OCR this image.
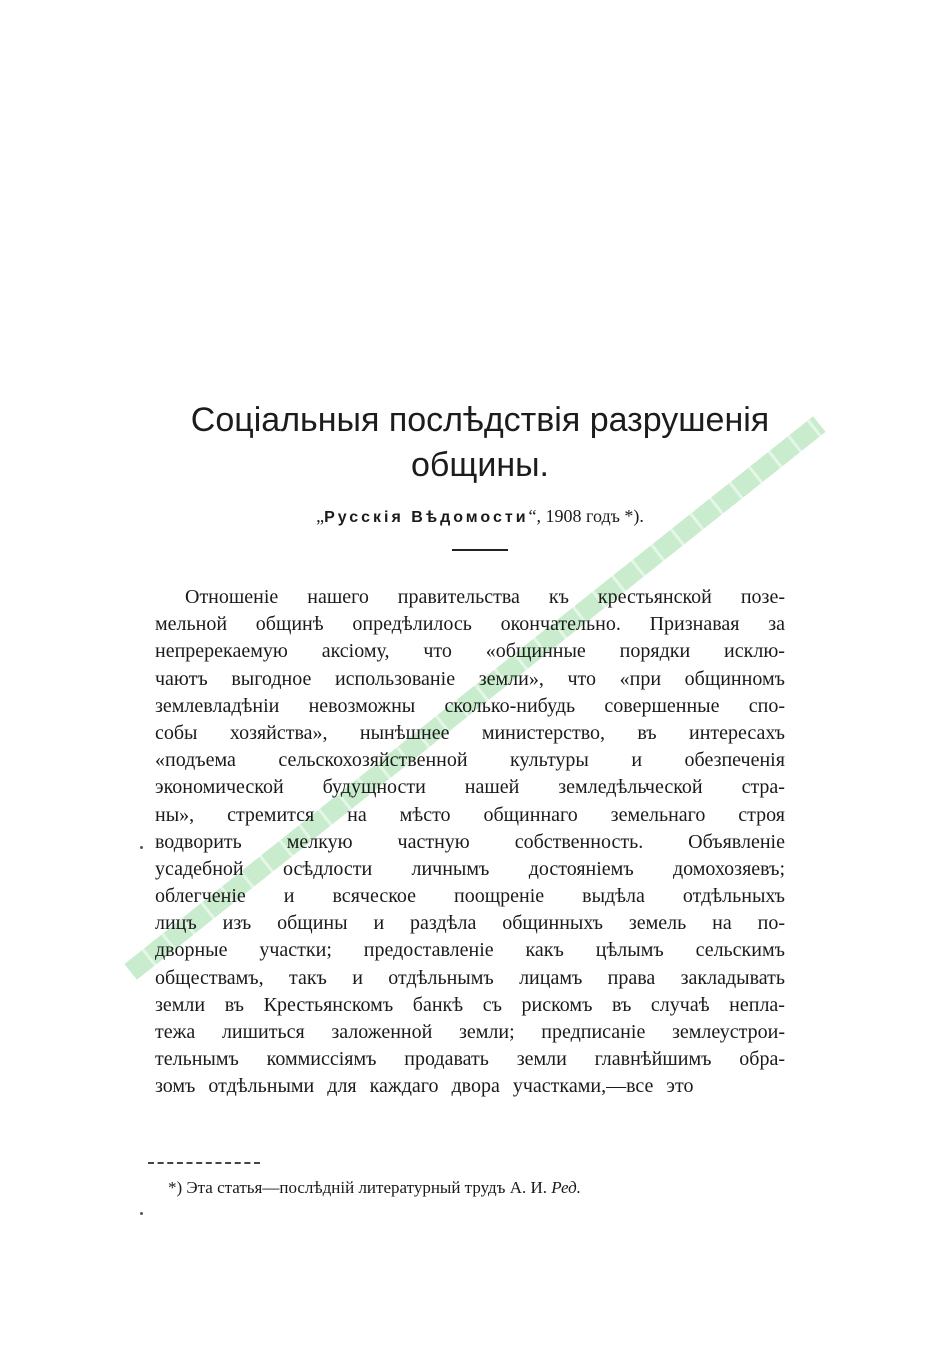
Соціальныя послѣдствія разрушенія
общины.
„Русскія Вѣдомости“, 1908 годъ *).
Отношеніе нашего правительства къ крестьянской позе-
мельной общинѣ опредѣлилось окончательно. Признавая за
непререкаемую аксіому, что «общинные порядки исклю-
чаютъ выгодное использованіе земли», что «при общинномъ
землевладѣніи невозможны сколько-нибудь совершенные спо-
собы хозяйства», нынѣшнее министерство, въ интересахъ
«подъема сельскохозяйственной культуры и обезпеченія
экономической будущности нашей земледѣльческой стра-
ны», стремится на мѣсто общиннаго земельнаго строя
водворить мелкую частную собственность. Объявленіе
усадебной осѣдлости личнымъ достояніемъ домохозяевъ;
облегченіе и всяческое поощреніе выдѣла отдѣльныхъ
лицъ изъ общины и раздѣла общинныхъ земель на по-
дворные участки; предоставленіе какъ цѣлымъ сельскимъ
обществамъ, такъ и отдѣльнымъ лицамъ права закладывать
земли въ Крестьянскомъ банкѣ съ рискомъ въ случаѣ непла-
тежа лишиться заложенной земли; предписаніе землеустрои-
тельнымъ коммиссіямъ продавать земли главнѣйшимъ обра-
зомъ отдѣльными для каждаго двора участками,—все это
*) Эта статья—послѣдній литературный трудъ А. И. Ред.
